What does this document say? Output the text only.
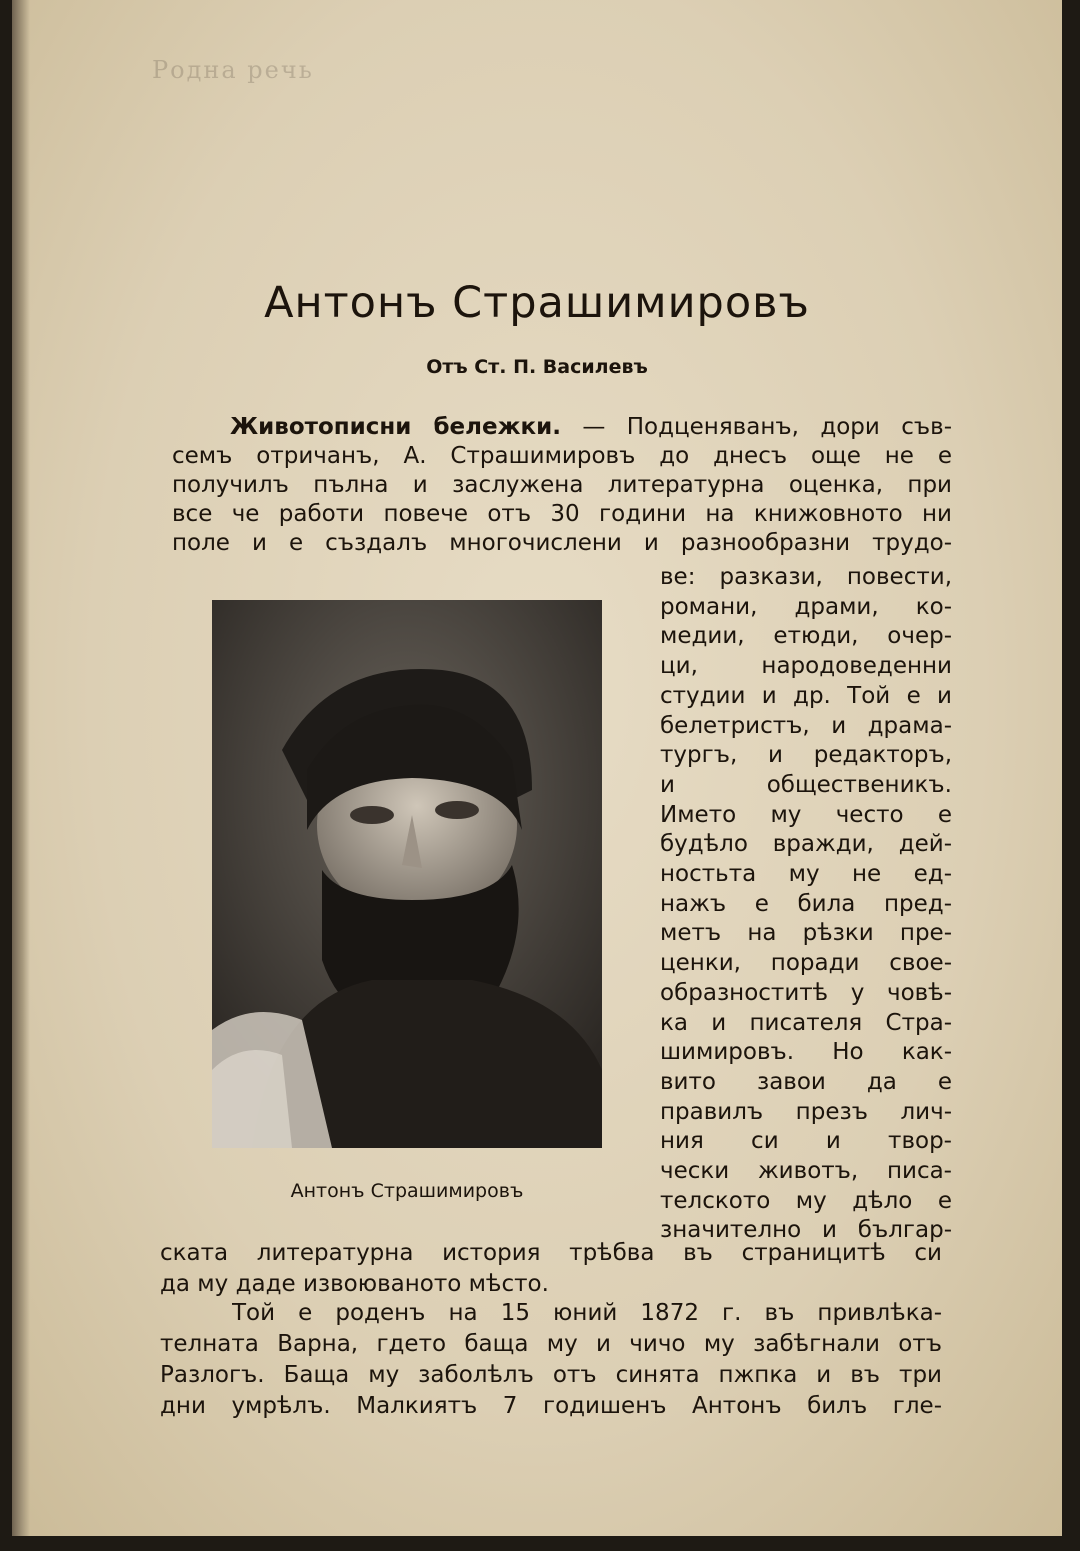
Родна речь
Антонъ Страшимировъ
Отъ Ст. П. Василевъ
Животописни бележки. — Подценяванъ, дори съв-
семъ отричанъ, А. Страшимировъ до днесъ още не е
получилъ пълна и заслужена литературна оценка, при
все че работи повече отъ 30 години на книжовното ни
поле и е създалъ многочислени и разнообразни трудо-
ве: разкази, повести,
романи, драми, ко-
медии, етюди, очер-
ци, народоведенни
студии и др. Той е и
белетристъ, и драма-
тургъ, и редакторъ,
и общественикъ.
Името му често е
будѣло вражди, дей-
ностьта му не ед-
нажъ е била пред-
метъ на рѣзки пре-
ценки, поради свое-
образноститѣ у човѣ-
ка и писателя Стра-
шимировъ. Но как-
вито завои да е
правилъ презъ лич-
ния си и твор-
чески животъ, писа-
телското му дѣло е
значително и българ-
ската литературна история трѣбва въ страницитѣ си
да му даде извоюваното мѣсто.
Той е роденъ на 15 юний 1872 г. въ привлѣка-
телната Варна, гдето баща му и чичо му забѣгнали отъ
Разлогъ. Баща му заболѣлъ отъ синята пжпка и въ три
дни умрѣлъ. Малкиятъ 7 годишенъ Антонъ билъ гле-
Антонъ Страшимировъ
